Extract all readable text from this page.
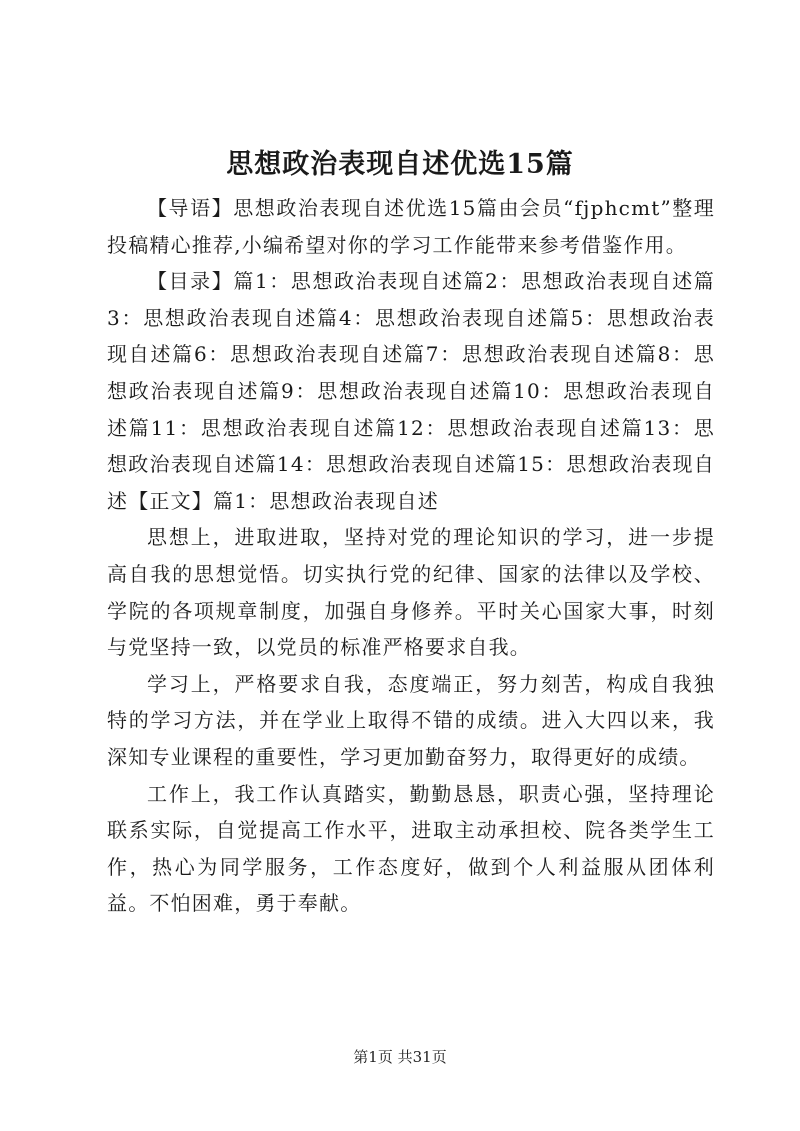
思想政治表现自述优选15篇

【导语】思想政治表现自述优选15篇由会员“fjphcmt”整理投稿精心推荐,小编希望对你的学习工作能带来参考借鉴作用。

【目录】篇1：思想政治表现自述篇2：思想政治表现自述篇3：思想政治表现自述篇4：思想政治表现自述篇5：思想政治表现自述篇6：思想政治表现自述篇7：思想政治表现自述篇8：思想政治表现自述篇9：思想政治表现自述篇10：思想政治表现自述篇11：思想政治表现自述篇12：思想政治表现自述篇13：思想政治表现自述篇14：思想政治表现自述篇15：思想政治表现自述【正文】篇1：思想政治表现自述

思想上，进取进取，坚持对党的理论知识的学习，进一步提高自我的思想觉悟。切实执行党的纪律、国家的法律以及学校、学院的各项规章制度，加强自身修养。平时关心国家大事，时刻与党坚持一致，以党员的标准严格要求自我。

学习上，严格要求自我，态度端正，努力刻苦，构成自我独特的学习方法，并在学业上取得不错的成绩。进入大四以来，我深知专业课程的重要性，学习更加勤奋努力，取得更好的成绩。

工作上，我工作认真踏实，勤勤恳恳，职责心强，坚持理论联系实际，自觉提高工作水平，进取主动承担校、院各类学生工作，热心为同学服务，工作态度好，做到个人利益服从团体利益。不怕困难，勇于奉献。

第1页 共31页
